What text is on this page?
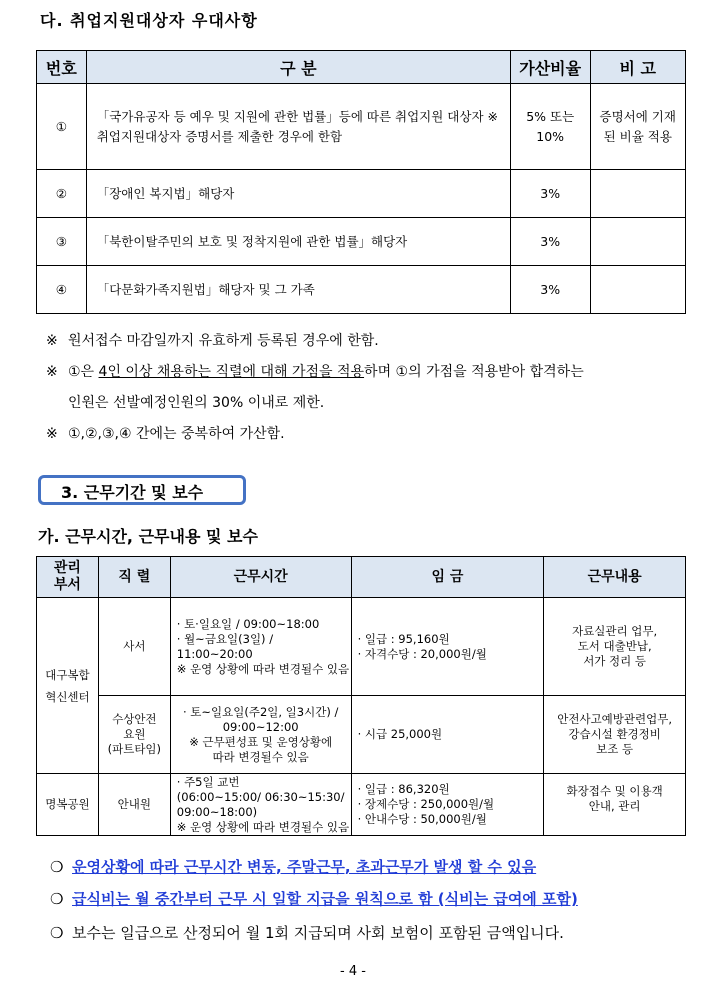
다. 취업지원대상자 우대사항
번호	구 분	가산비율	비 고
①	「국가유공자 등 예우 및 지원에 관한 법률」등에 따른 취업지원 대상자 ※ 취업지원대상자 증명서를 제출한 경우에 한함	5% 또는 10%	증명서에 기재된 비율 적용
②	「장애인 복지법」해당자	3%	
③	「북한이탈주민의 보호 및 정착지원에 관한 법률」해당자	3%	
④	「다문화가족지원법」해당자 및 그 가족	3%	
※ 원서접수 마감일까지 유효하게 등록된 경우에 한함.
※ ①은 4인 이상 채용하는 직렬에 대해 가점을 적용하며 ①의 가점을 적용받아 합격하는
인원은 선발예정인원의 30% 이내로 제한.
※ ①,②,③,④ 간에는 중복하여 가산함.
3. 근무기간 및 보수
가. 근무시간, 근무내용 및 보수
관리
부서	직 렬	근무시간	임 금	근무내용
대구복합
혁신센터	사서	· 토·일요일 / 09:00~18:00
· 월~금요일(3일) / 11:00~20:00
※ 운영 상황에 따라 변경될수 있음	· 일급 : 95,160원
· 자격수당 : 20,000원/월	자료실관리 업무,
도서 대출반납,
서가 정리 등
	수상안전
요원
(파트타임)	· 토~일요일(주2일, 일3시간) /
09:00~12:00
※ 근무편성표 및 운영상황에
따라 변경될수 있음	· 시급 25,000원	안전사고예방관련업무,
강습시설 환경정비
보조 등
명복공원	안내원	· 주5일 교번
(06:00~15:00/ 06:30~15:30/
09:00~18:00)
※ 운영 상황에 따라 변경될수 있음	· 일급 : 86,320원
· 장제수당 : 250,000원/월
· 안내수당 : 50,000원/월	화장접수 및 이용객
안내, 관리
❍ 운영상황에 따라 근무시간 변동, 주말근무, 초과근무가 발생 할 수 있음
❍ 급식비는 월 중간부터 근무 시 일할 지급을 원칙으로 함 (식비는 급여에 포함)
❍ 보수는 일급으로 산정되어 월 1회 지급되며 사회 보험이 포함된 금액입니다.
- 4 -
